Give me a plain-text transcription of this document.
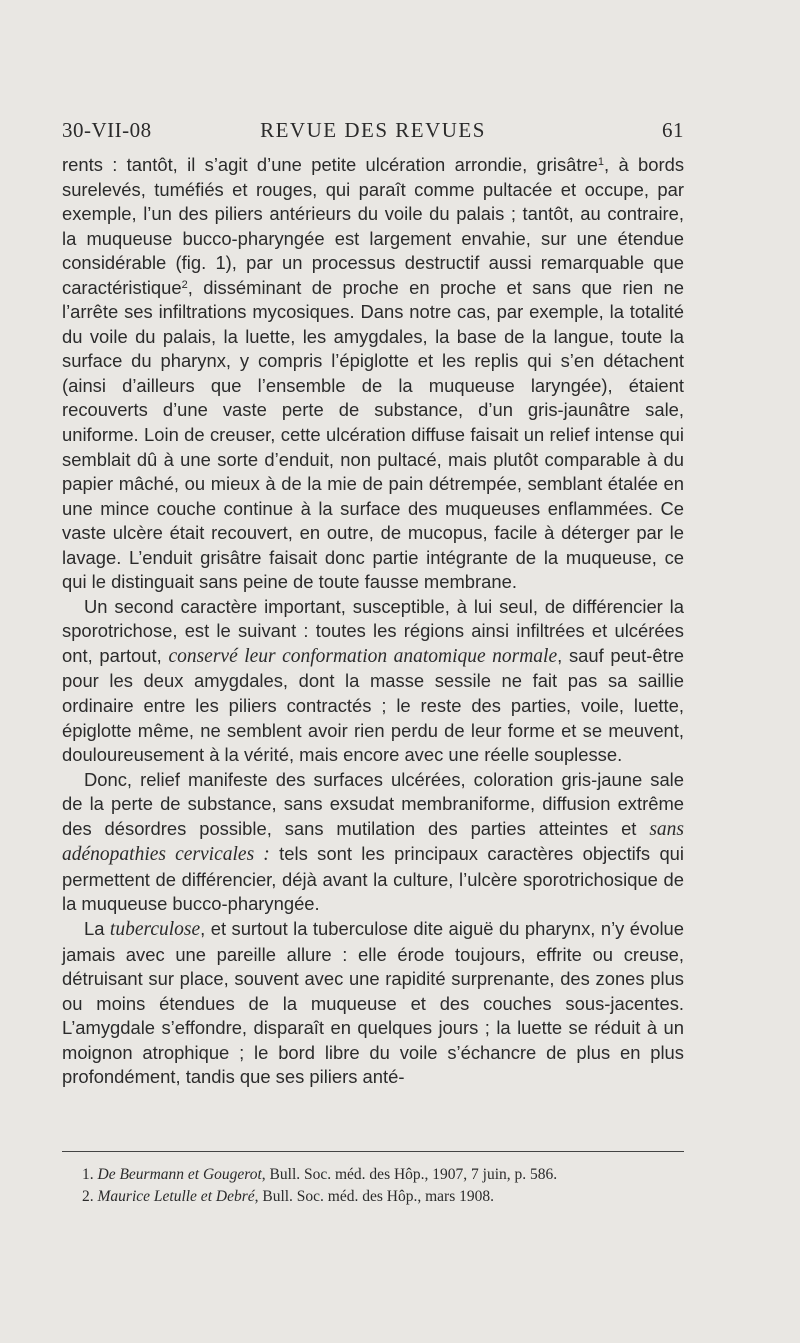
30-VII-08	REVUE DES REVUES	61

rents : tantôt, il s’agit d’une petite ulcération arrondie, grisâtre$^1$, à bords surelevés, tuméfiés et rouges, qui paraît comme pultacée et occupe, par exemple, l’un des piliers antérieurs du voile du palais ; tantôt, au contraire, la muqueuse bucco-pharyngée est largement envahie, sur une étendue considérable (fig. 1), par un processus destructif aussi remarquable que caractéristique$^2$, disséminant de proche en proche et sans que rien ne l’arrête ses infiltrations mycosiques. Dans notre cas, par exemple, la totalité du voile du palais, la luette, les amygdales, la base de la langue, toute la surface du pharynx, y compris l’épiglotte et les replis qui s’en détachent (ainsi d’ailleurs que l’ensemble de la muqueuse laryngée), étaient recouverts d’une vaste perte de substance, d’un gris-jaunâtre sale, uniforme. Loin de creuser, cette ulcération diffuse faisait un relief intense qui semblait dû à une sorte d’enduit, non pultacé, mais plutôt comparable à du papier mâché, ou mieux à de la mie de pain détrempée, semblant étalée en une mince couche continue à la surface des muqueuses enflammées. Ce vaste ulcère était recouvert, en outre, de mucopus, facile à déterger par le lavage. L’enduit grisâtre faisait donc partie intégrante de la muqueuse, ce qui le distinguait sans peine de toute fausse membrane.

Un second caractère important, susceptible, à lui seul, de différencier la sporotrichose, est le suivant : toutes les régions ainsi infiltrées et ulcérées ont, partout, conservé leur conformation anatomique normale, sauf peut-être pour les deux amygdales, dont la masse sessile ne fait pas sa saillie ordinaire entre les piliers contractés ; le reste des parties, voile, luette, épiglotte même, ne semblent avoir rien perdu de leur forme et se meuvent, douloureusement à la vérité, mais encore avec une réelle souplesse.

Donc, relief manifeste des surfaces ulcérées, coloration gris-jaune sale de la perte de substance, sans exsudat membraniforme, diffusion extrême des désordres possible, sans mutilation des parties atteintes et sans adénopathies cervicales : tels sont les principaux caractères objectifs qui permettent de différencier, déjà avant la culture, l’ulcère sporotrichosique de la muqueuse bucco-pharyngée.

La tuberculose, et surtout la tuberculose dite aiguë du pharynx, n’y évolue jamais avec une pareille allure : elle érode toujours, effrite ou creuse, détruisant sur place, souvent avec une rapidité surprenante, des zones plus ou moins étendues de la muqueuse et des couches sous-jacentes. L’amygdale s’effondre, disparaît en quelques jours ; la luette se réduit à un moignon atrophique ; le bord libre du voile s’échancre de plus en plus profondément, tandis que ses piliers anté-

1. De Beurmann et Gougerot, Bull. Soc. méd. des Hôp., 1907, 7 juin, p. 586.
2. Maurice Letulle et Debré, Bull. Soc. méd. des Hôp., mars 1908.
